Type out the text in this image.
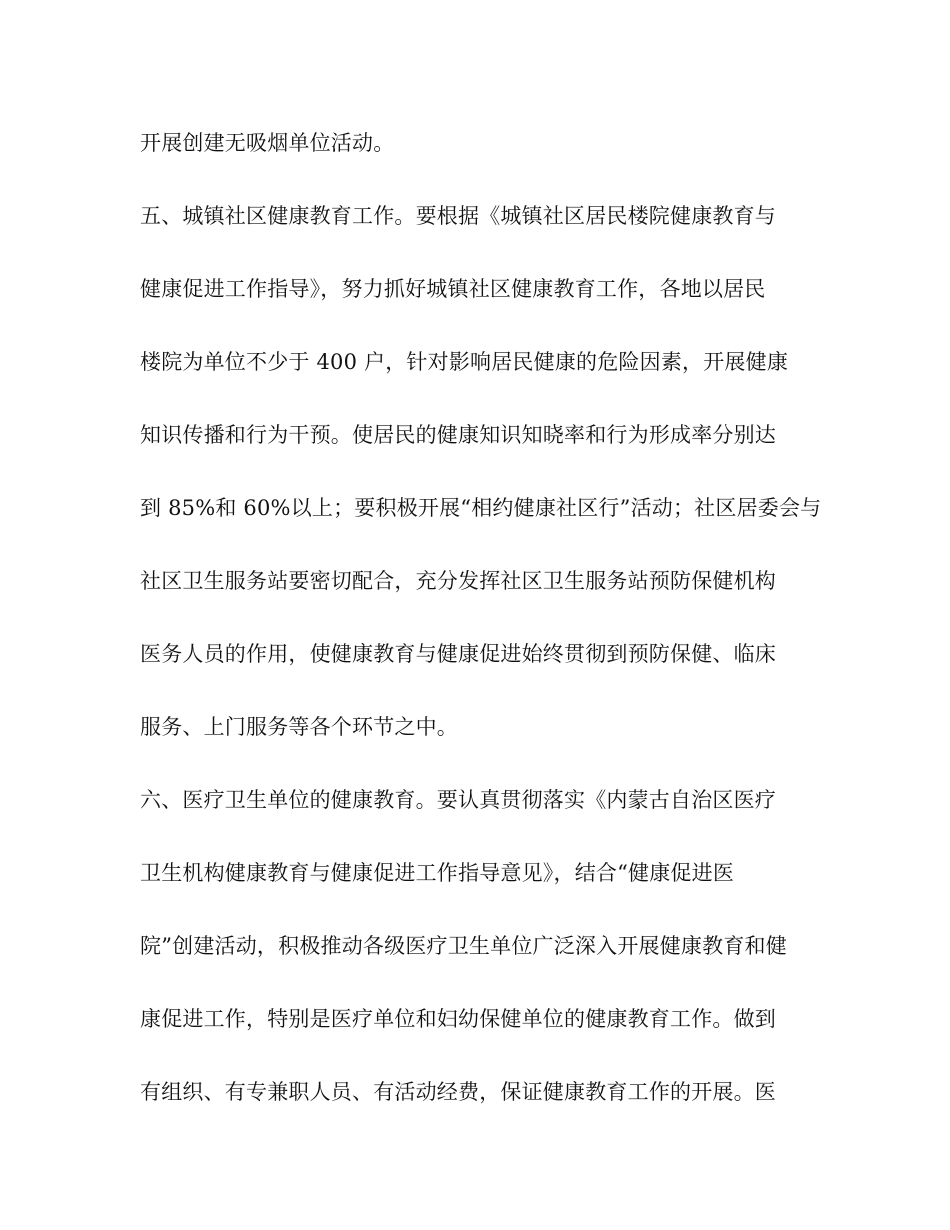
开展创建无吸烟单位活动。
五、城镇社区健康教育工作。要根据《城镇社区居民楼院健康教育与
健康促进工作指导》，努力抓好城镇社区健康教育工作，各地以居民
楼院为单位不少于 400 户，针对影响居民健康的危险因素，开展健康
知识传播和行为干预。使居民的健康知识知晓率和行为形成率分别达
到 85%和 60%以上；要积极开展“相约健康社区行”活动；社区居委会与
社区卫生服务站要密切配合，充分发挥社区卫生服务站预防保健机构
医务人员的作用，使健康教育与健康促进始终贯彻到预防保健、临床
服务、上门服务等各个环节之中。
六、医疗卫生单位的健康教育。要认真贯彻落实《内蒙古自治区医疗
卫生机构健康教育与健康促进工作指导意见》，结合“健康促进医
院”创建活动，积极推动各级医疗卫生单位广泛深入开展健康教育和健
康促进工作，特别是医疗单位和妇幼保健单位的健康教育工作。做到
有组织、有专兼职人员、有活动经费，保证健康教育工作的开展。医
